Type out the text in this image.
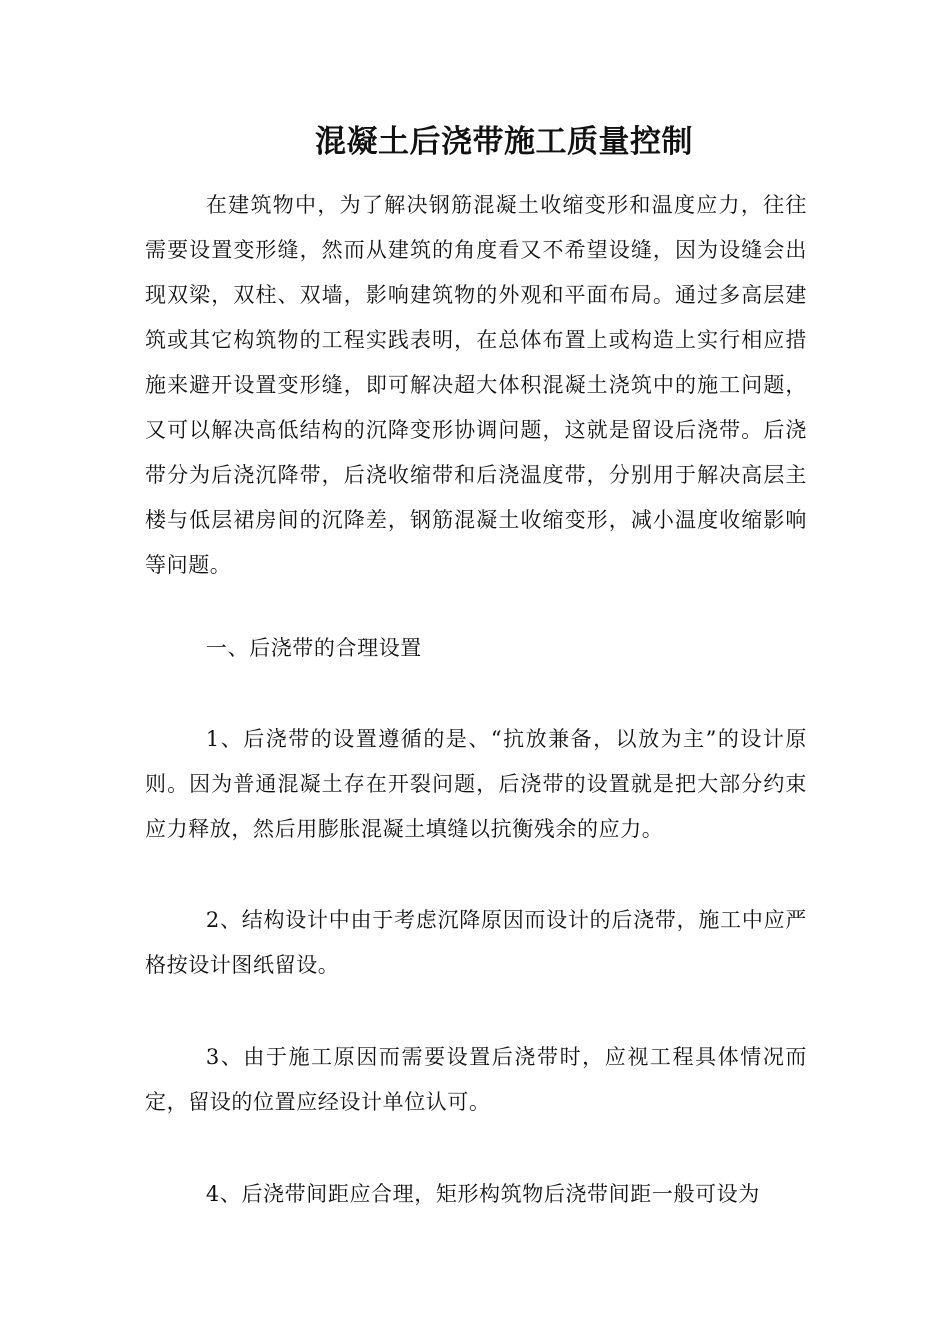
混凝土后浇带施工质量控制

在建筑物中，为了解决钢筋混凝土收缩变形和温度应力，往往需要设置变形缝，然而从建筑的角度看又不希望设缝，因为设缝会出现双梁，双柱、双墙，影响建筑物的外观和平面布局。通过多高层建筑或其它构筑物的工程实践表明，在总体布置上或构造上实行相应措施来避开设置变形缝，即可解决超大体积混凝土浇筑中的施工问题，又可以解决高低结构的沉降变形协调问题，这就是留设后浇带。后浇带分为后浇沉降带，后浇收缩带和后浇温度带，分别用于解决高层主楼与低层裙房间的沉降差，钢筋混凝土收缩变形，减小温度收缩影响等问题。

一、后浇带的合理设置

1、后浇带的设置遵循的是、“抗放兼备，以放为主”的设计原则。因为普通混凝土存在开裂问题，后浇带的设置就是把大部分约束应力释放，然后用膨胀混凝土填缝以抗衡残余的应力。

2、结构设计中由于考虑沉降原因而设计的后浇带，施工中应严格按设计图纸留设。

3、由于施工原因而需要设置后浇带时，应视工程具体情况而定，留设的位置应经设计单位认可。

4、后浇带间距应合理，矩形构筑物后浇带间距一般可设为
